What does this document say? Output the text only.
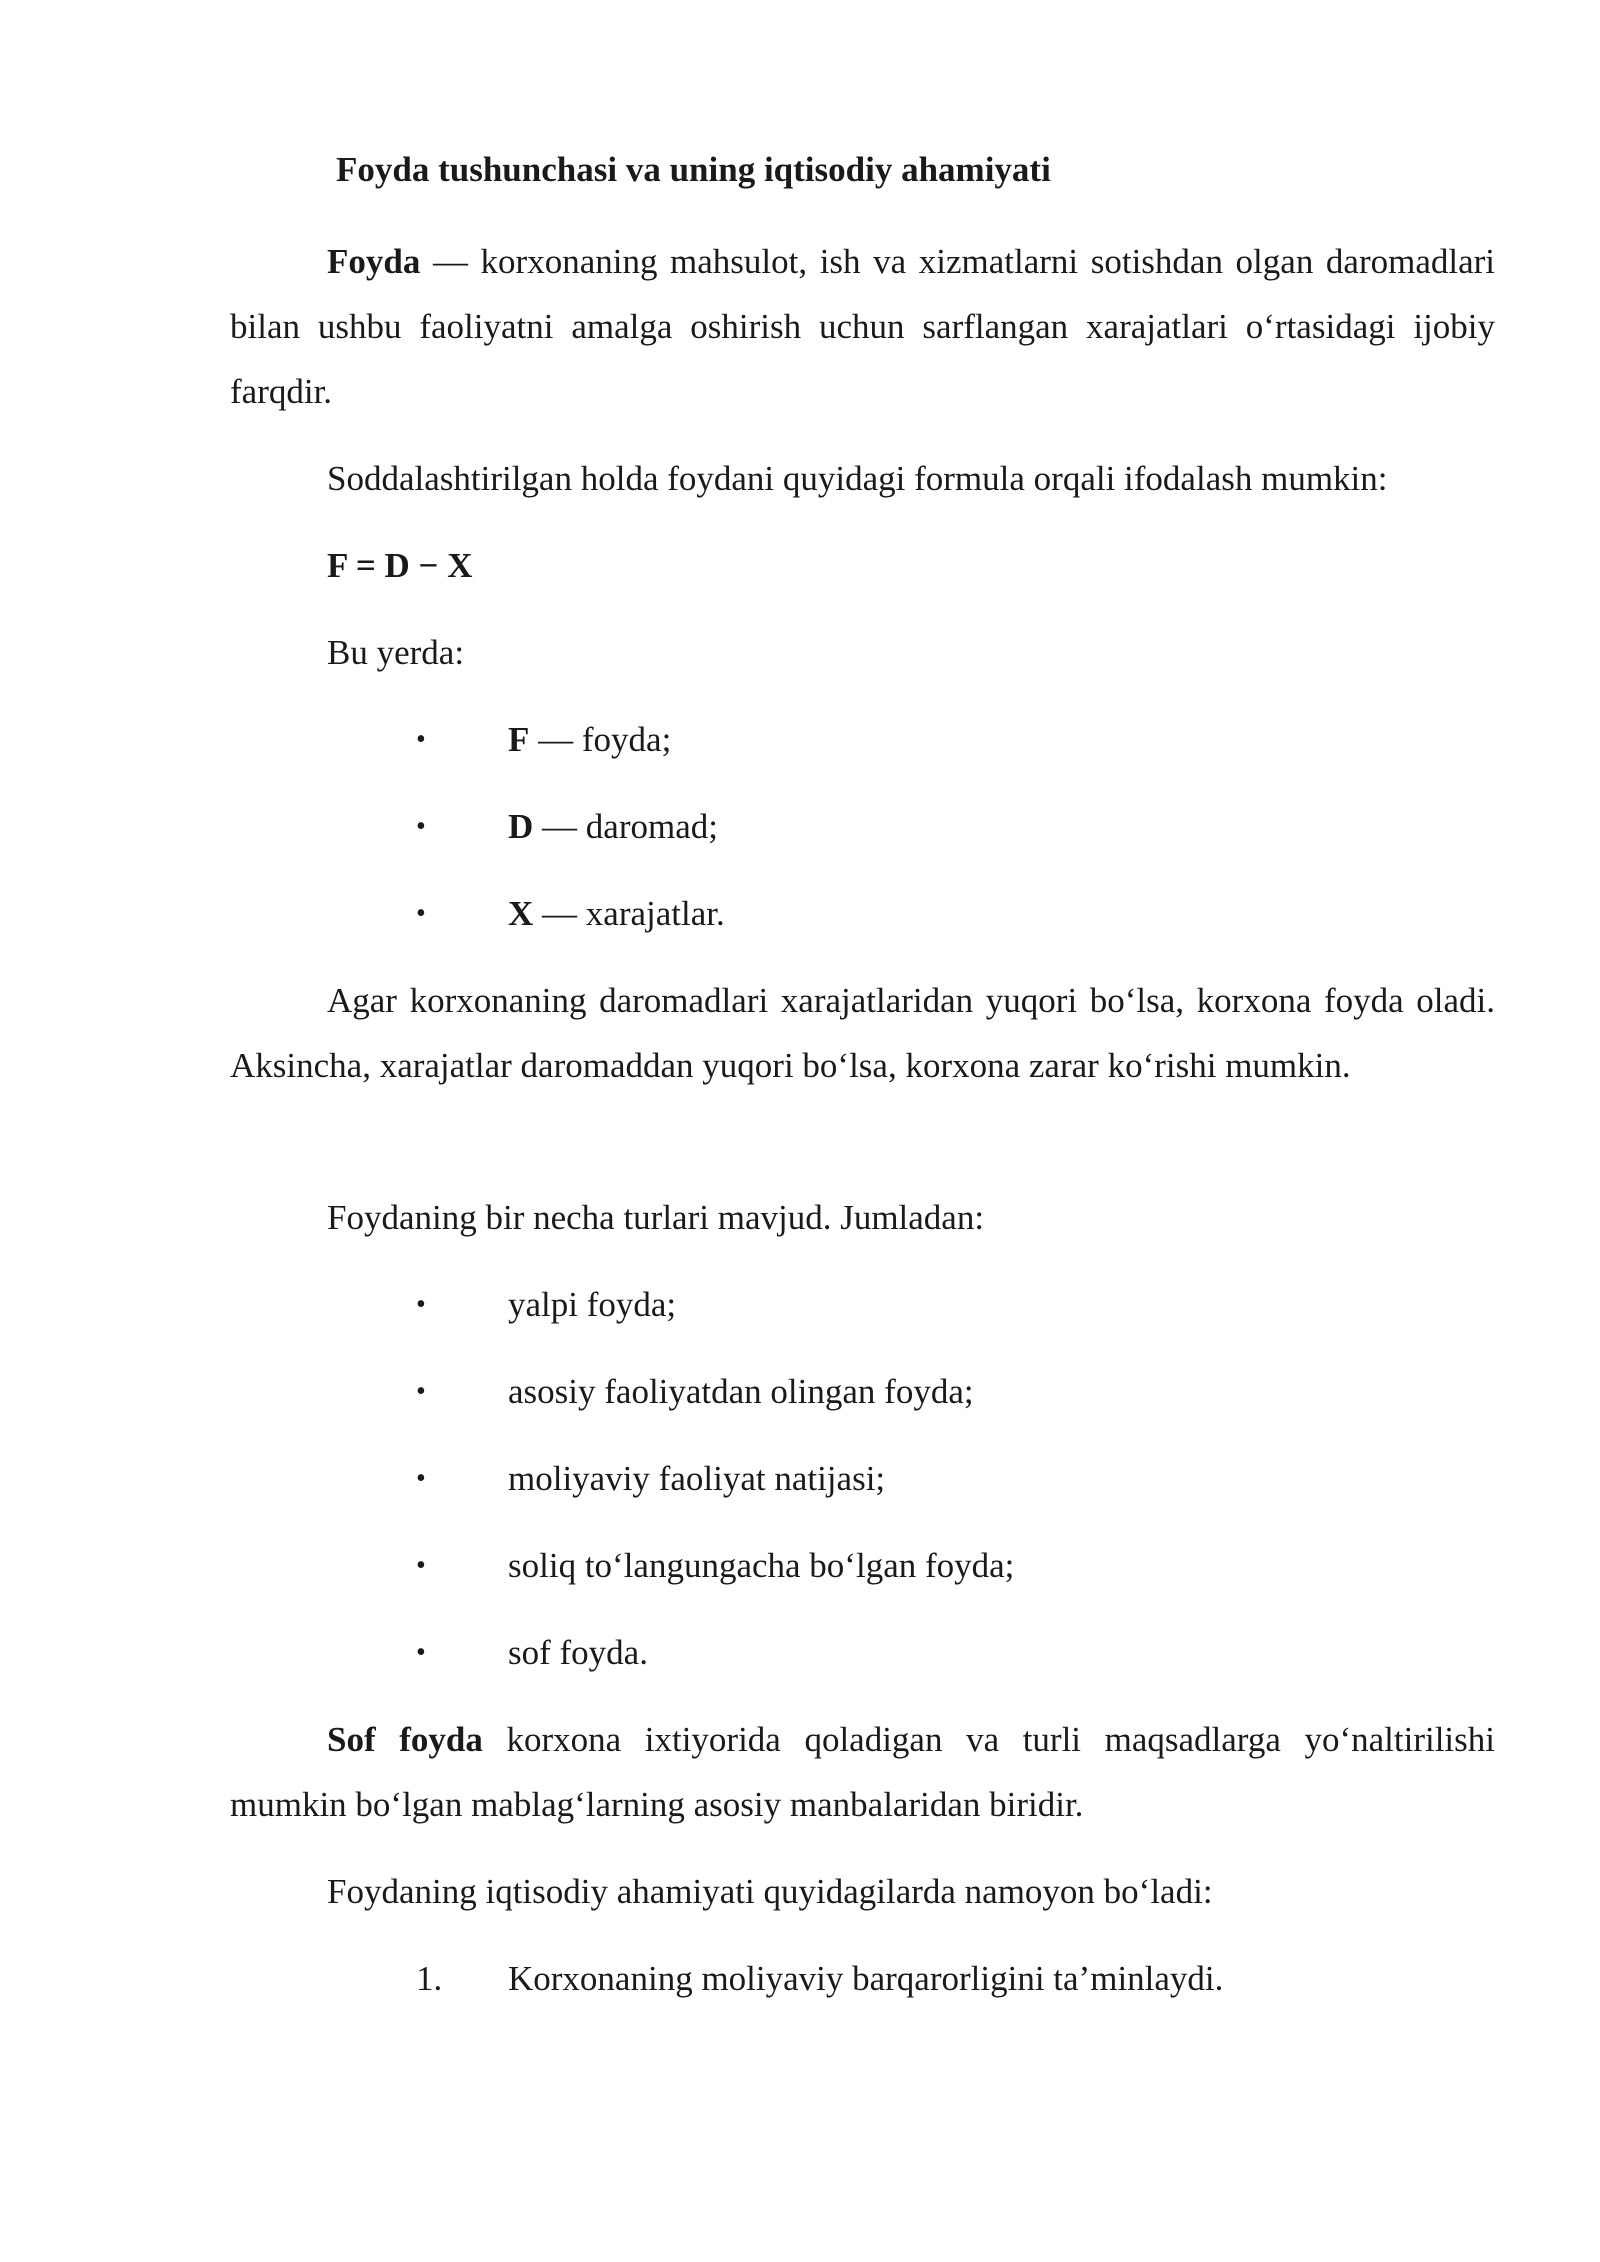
Foyda tushunchasi va uning iqtisodiy ahamiyati
Foyda — korxonaning mahsulot, ish va xizmatlarni sotishdan olgan daromadlari bilan ushbu faoliyatni amalga oshirish uchun sarflangan xarajatlari o‘rtasidagi ijobiy farqdir.
Soddalashtirilgan holda foydani quyidagi formula orqali ifodalash mumkin:
F = D − X
Bu yerda:
• F — foyda;
• D — daromad;
• X — xarajatlar.
Agar korxonaning daromadlari xarajatlaridan yuqori bo‘lsa, korxona foyda oladi. Aksincha, xarajatlar daromaddan yuqori bo‘lsa, korxona zarar ko‘rishi mumkin.
Foydaning bir necha turlari mavjud. Jumladan:
• yalpi foyda;
• asosiy faoliyatdan olingan foyda;
• moliyaviy faoliyat natijasi;
• soliq to‘langungacha bo‘lgan foyda;
• sof foyda.
Sof foyda korxona ixtiyorida qoladigan va turli maqsadlarga yo‘naltirilishi mumkin bo‘lgan mablag‘larning asosiy manbalaridan biridir.
Foydaning iqtisodiy ahamiyati quyidagilarda namoyon bo‘ladi:
1. Korxonaning moliyaviy barqarorligini ta’minlaydi.
